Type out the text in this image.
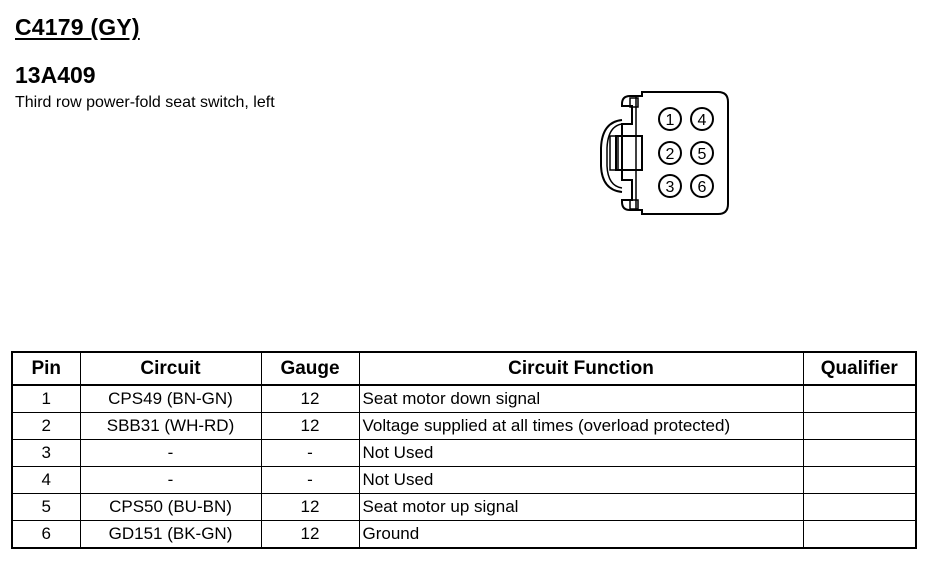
C4179 (GY)
13A409

Third row power-fold seat switch, left

1 4
2 5
3 6
Pin	Circuit	Gauge	Circuit Function	Qualifier
1	CPS49 (BN-GN)	12	Seat motor down signal	
2	SBB31 (WH-RD)	12	Voltage supplied at all times (overload protected)	
3	-	-	Not Used	
4	-	-	Not Used	
5	CPS50 (BU-BN)	12	Seat motor up signal	
6	GD151 (BK-GN)	12	Ground	
